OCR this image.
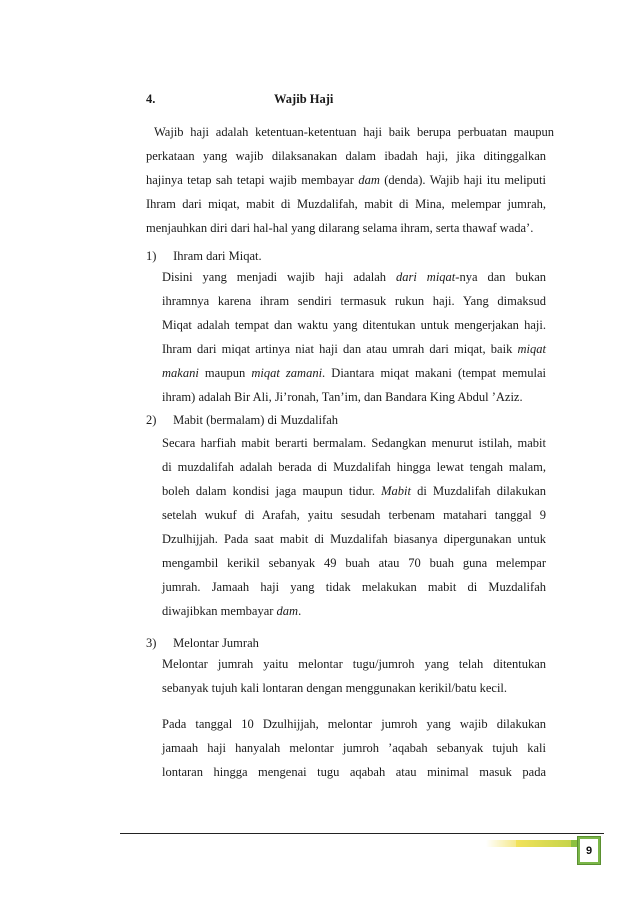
4.	Wajib Haji
Wajib haji adalah ketentuan-ketentuan haji baik berupa perbuatan maupun
perkataan yang wajib dilaksanakan dalam ibadah haji, jika ditinggalkan
hajinya tetap sah tetapi wajib membayar dam (denda). Wajib haji itu meliputi
Ihram dari miqat, mabit di Muzdalifah, mabit di Mina, melempar jumrah,
menjauhkan diri dari hal-hal yang dilarang selama ihram, serta thawaf wada’.
1) Ihram dari Miqat.
Disini yang menjadi wajib haji adalah dari miqat-nya dan bukan
ihramnya karena ihram sendiri termasuk rukun haji. Yang dimaksud
Miqat adalah tempat dan waktu yang ditentukan untuk mengerjakan haji.
Ihram dari miqat artinya niat haji dan atau umrah dari miqat, baik miqat
makani maupun miqat zamani. Diantara miqat makani (tempat memulai
ihram) adalah Bir Ali, Ji’ronah, Tan’im, dan Bandara King Abdul ’Aziz.
2) Mabit (bermalam) di Muzdalifah
Secara harfiah mabit berarti bermalam. Sedangkan menurut istilah, mabit
di muzdalifah adalah berada di Muzdalifah hingga lewat tengah malam,
boleh dalam kondisi jaga maupun tidur. Mabit di Muzdalifah dilakukan
setelah wukuf di Arafah, yaitu sesudah terbenam matahari tanggal 9
Dzulhijjah. Pada saat mabit di Muzdalifah biasanya dipergunakan untuk
mengambil kerikil sebanyak 49 buah atau 70 buah guna melempar
jumrah. Jamaah haji yang tidak melakukan mabit di Muzdalifah
diwajibkan membayar dam.
3) Melontar Jumrah
Melontar jumrah yaitu melontar tugu/jumroh yang telah ditentukan
sebanyak tujuh kali lontaran dengan menggunakan kerikil/batu kecil.
Pada tanggal 10 Dzulhijjah, melontar jumroh yang wajib dilakukan
jamaah haji hanyalah melontar jumroh ’aqabah sebanyak tujuh kali
lontaran hingga mengenai tugu aqabah atau minimal masuk pada
9
